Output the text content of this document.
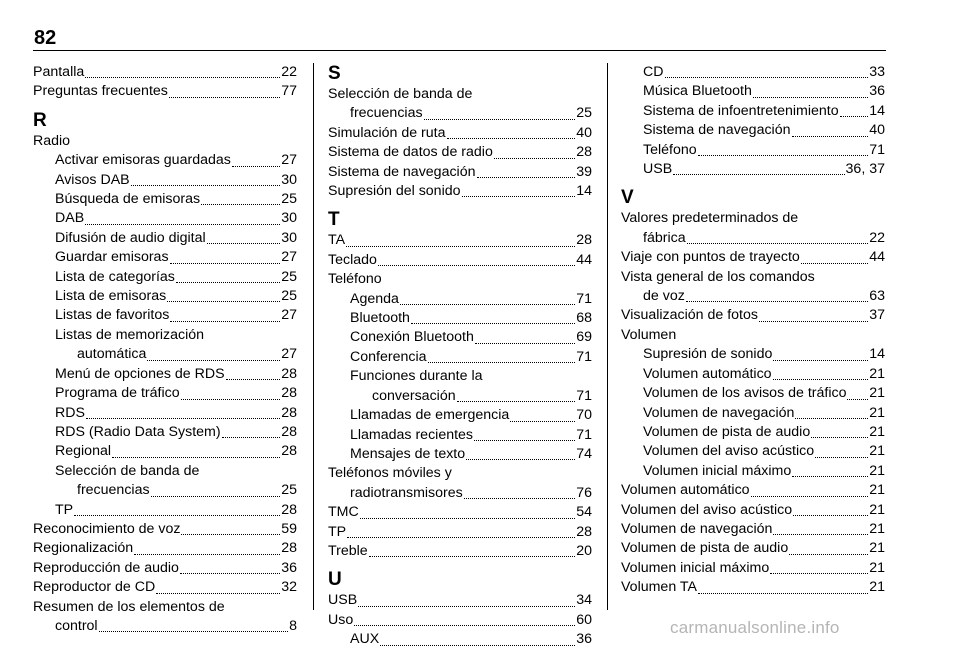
82
Pantalla	22
Preguntas frecuentes	77
R
Radio
Activar emisoras guardadas	27
Avisos DAB	30
Búsqueda de emisoras	25
DAB	30
Difusión de audio digital	30
Guardar emisoras	27
Lista de categorías	25
Lista de emisoras	25
Listas de favoritos	27
Listas de memorización
automática	27
Menú de opciones de RDS	28
Programa de tráfico	28
RDS	28
RDS (Radio Data System)	28
Regional	28
Selección de banda de
frecuencias	25
TP	28
Reconocimiento de voz	59
Regionalización	28
Reproducción de audio	36
Reproductor de CD	32
Resumen de los elementos de
control	8
S
Selección de banda de
frecuencias	25
Simulación de ruta	40
Sistema de datos de radio	28
Sistema de navegación	39
Supresión del sonido	14
T
TA	28
Teclado	44
Teléfono
Agenda	71
Bluetooth	68
Conexión Bluetooth	69
Conferencia	71
Funciones durante la
conversación	71
Llamadas de emergencia	70
Llamadas recientes	71
Mensajes de texto	74
Teléfonos móviles y
radiotransmisores	76
TMC	54
TP	28
Treble	20
U
USB	34
Uso	60
AUX	36
CD	33
Música Bluetooth	36
Sistema de infoentretenimiento 14
Sistema de navegación	40
Teléfono	71
USB	36, 37
V
Valores predeterminados de
fábrica	22
Viaje con puntos de trayecto	44
Vista general de los comandos
de voz	63
Visualización de fotos	37
Volumen
Supresión de sonido	14
Volumen automático	21
Volumen de los avisos de tráfico 21
Volumen de navegación	21
Volumen de pista de audio	21
Volumen del aviso acústico	21
Volumen inicial máximo	21
Volumen automático	21
Volumen del aviso acústico	21
Volumen de navegación	21
Volumen de pista de audio	21
Volumen inicial máximo	21
Volumen TA	21
carmanualsonline.info
